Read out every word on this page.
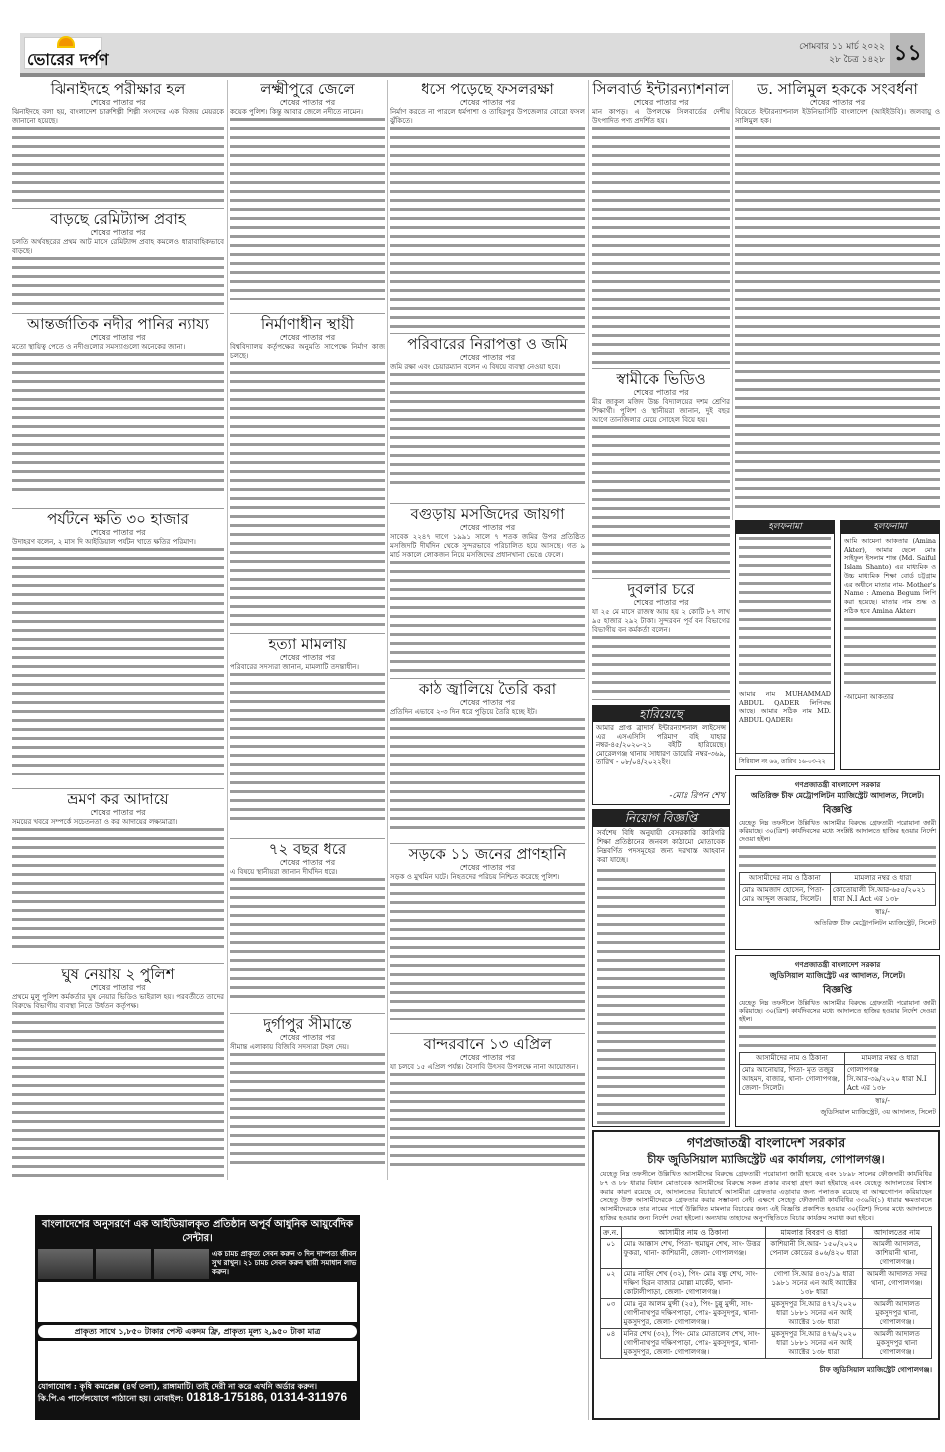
ভোরের দর্পণ
সোমবার ১১ মার্চ ২০২২
২৮ চৈত্র ১৪২৮ ১১
ঝিনাইদহে পরীক্ষার হল
শেষের পাতার পর
ঝিনাইদহে বলা হয়, বাংলাদেশ চারুশিল্পী শিল্পী সংসদের এক বিজয় মেয়রকে জানানো হয়েছে।
বাড়ছে রেমিট্যান্স প্রবাহ
শেষের পাতার পর
চলতি অর্থবছরের প্রথম আট মাসে রেমিট্যান্স প্রবাহ কমলেও ধারাবাহিকভাবে বাড়ছে।
আন্তর্জাতিক নদীর পানির ন্যায্য
শেষের পাতার পর
মতো স্থায়িত্ব পেতে ও নদীগুলোর সমস্যাগুলো অনেকের জানা।
পর্যটনে ক্ষতি ৩০ হাজার
শেষের পাতার পর
উদাহরণ বলেন, ২ মাস দি আইডিয়াল পর্যটন খাতে ক্ষতির পরিমাণ।
ভ্রমণ কর আদায়ে
শেষের পাতার পর
সময়ের খবরে সম্পর্কে সচেতনতা ও কর আদায়ের লক্ষ্যমাত্রা।
ঘুষ নেয়ায় ২ পুলিশ
শেষের পাতার পর
প্রথমে মুলু পুলিশ কর্মকর্তার ঘুষ নেয়ার ভিডিও ভাইরাল হয়। পরবর্তীতে তাদের বিরুদ্ধে বিভাগীয় ব্যবস্থা নিতে উর্ধতন কর্তৃপক্ষ।
লক্ষ্মীপুরে জেলে
শেষের পাতার পর
কয়েক পুলিশ। কিন্তু আবার জেলে নদীতে নামেন।
নির্মাণাধীন স্থায়ী
শেষের পাতার পর
বিশ্ববিদ্যালয় কর্তৃপক্ষের অনুমতি সাপেক্ষে নির্মাণ কাজ চলছে।
হত্যা মামলায়
শেষের পাতার পর
পরিবারের সদস্যরা জানান, মামলাটি তদন্তাধীন।
৭২ বছর ধরে
শেষের পাতার পর
এ বিষয়ে স্থানীয়রা জানান দীর্ঘদিন ধরে।
দুর্গাপুর সীমান্তে
শেষের পাতার পর
সীমান্ত এলাকায় বিজিবি সদস্যরা টহল দেয়।
ধসে পড়েছে ফসলরক্ষা
শেষের পাতার পর
নির্মাণ করতে না পারলে ধর্মপাশা ও তাহিরপুর উপজেলার বোরো ফসল ঝুঁকিতে।
পরিবারের নিরাপত্তা ও জমি
শেষের পাতার পর
জমি রক্ষা এবং চেয়ারম্যান বলেন এ বিষয়ে ব্যবস্থা নেওয়া হবে।
বগুড়ায় মসজিদের জায়গা
শেষের পাতার পর
সাবেক ২২৪৭ দাগে ১৯৯১ সালে ৭ শতক জমির উপর প্রতিষ্ঠিত মসজিদটি দীর্ঘদিন থেকে সুন্দরভাবে পরিচালিত হয়ে আসছে। গত ৯ মার্চ সকালে লোকজন নিয়ে মসজিদের প্রধানখানা ভেঙে ফেলে।
কাঠ জ্বালিয়ে তৈরি করা
শেষের পাতার পর
প্রতিদিন এভাবে ২-৩ দিন ধরে পুড়িয়ে তৈরি হচ্ছে ইট।
সড়কে ১১ জনের প্রাণহানি
শেষের পাতার পর
সড়ক ও মুখমিন ঘটে। নিহতদের পরিচয় নিশ্চিত করেছে পুলিশ।
বান্দরবানে ১৩ এপ্রিল
শেষের পাতার পর
যা চলবে ১৫ এপ্রিল পর্যন্ত। বৈসাবি উৎসব উপলক্ষে নানা আয়োজন।
সিলবার্ড ইন্টারন্যাশনাল
শেষের পাতার পর
মান কাপড়। এ উপলক্ষে সিলবার্ডের দেশীয় উৎপাদিত পণ্য প্রদর্শিত হয়।
স্বামীকে ভিডিও
শেষের পাতার পর
মীর জাকুল মজিদ উচ্চ বিদ্যালয়ের দশম শ্রেণির শিক্ষার্থী। পুলিশ ও স্থানীয়রা জানান, দুই বছর আগে তানজিলার মেয়ে সোহেল বিয়ে হয়।
দুবলার চরে
শেষের পাতার পর
যা ২৫ মে মাসে রাজস্ব আয় হয় ২ কোটি ৮৭ লাখ ৯৫ হাজার ২৯২ টাকা। সুন্দরবন পূর্ব বন বিভাগের বিভাগীয় বন কর্মকর্তা বলেন।
ড. সালিমুল হককে সংবর্ধনা
শেষের পাতার পর
বিয়েতে ইন্টারন্যাশনাল ইউনিভার্সিটি বাংলাদেশ (আইইউবি)। জলবায়ু ও সালিমুল হক।
হারিয়েছে
আমার প্রাপ্ত ব্রাদার্স ইন্টারন্যাশনাল লাইসেন্স এর এসএসিসি পরিমাণ বহি যাহার নম্বর-৪৫/২০২০-২১ বইটি হারিয়েছে। মোরেলগঞ্জ থানায় সাধারণ ডায়েরি নম্বর-৩৬৯, তারিখ - ০৮/০৪/২০২২ইং।
-মোঃ রিপন শেখ
নিয়োগ বিজ্ঞপ্তি
সর্বশেষ বিধি অনুযায়ী বেসরকারি কারিগরি শিক্ষা প্রতিষ্ঠানের জনবল কাঠামো মোতাবেক নিম্নবর্ণিত পদসমূহের জন্য দরখাস্ত আহবান করা যাচ্ছে।
হলফনামা
আমার নাম MUHAMMAD ABDUL QADER লিপিবদ্ধ আছে। আমার সঠিক নাম MD. ABDUL QADER।
সিরিয়াল নং ৬৬, তারিখ ১৬-০৩-২২
হলফনামা
আমি আমেনা আকতার (Amina Akter), আমার ছেলে মোঃ সাইফুল ইসলাম শান্ত (Md. Saiful Islam Shanto) এর মাধ্যমিক ও উচ্চ মাধ্যমিক শিক্ষা বোর্ড চট্টগ্রাম এর অধীনে মাতার নাম- Mother's Name : Amena Begum লিপি করা হয়েছে। মাতার নাম শুদ্ধ ও সঠিক হবে Amina Akter।
-আমেনা আকতার
গণপ্রজাতন্ত্রী বাংলাদেশ সরকার
অতিরিক্ত চীফ মেট্রোপলিটন ম্যাজিস্ট্রেট আদালত, সিলেট।
বিজ্ঞপ্তি
যেহেতু নিম্ন তফসীলে উল্লিখিত আসামীর বিরুদ্ধে গ্রেফতারী পরোয়ানা জারী করিয়াছে। ৩০(ত্রিশ) কার্যদিবসের মধ্যে সংশ্লিষ্ট আদালতে হাজির হওয়ার নির্দেশ দেওয়া হইল।
আসামীদের নাম ও ঠিকানা	মামলার নম্বর ও ধারা
মোঃ আমজাদ হোসেন, পিতা- মোঃ আব্দুল জব্বার, সিলেট।	কোতোয়ালী সি.আর-৬৫৫/২০২১ ধারা N.I Act এর ১৩৮
স্বাঃ/-
অতিরিক্ত চীফ মেট্রোপলিটন ম্যাজিস্ট্রেট, সিলেট
গণপ্রজাতন্ত্রী বাংলাদেশ সরকার
জুডিসিয়াল ম্যাজিস্ট্রেট এর আদালত, সিলেট।
বিজ্ঞপ্তি
যেহেতু নিম্ন তফসীলে উল্লিখিত আসামীর বিরুদ্ধে গ্রেফতারী পরোয়ানা জারী করিয়াছে। ৩০(ত্রিশ) কার্যদিবসের মধ্যে আদালতে হাজির হওয়ার নির্দেশ দেওয়া হইল।
আসামীদের নাম ও ঠিকানা	মামলার নম্বর ও ধারা
মোঃ আনোয়ার, পিতা- মৃত তজুর আহমদ, বাজার, থানা- গোলাপগঞ্জ, জেলা- সিলেট।	গোলাপগঞ্জ সি.আর-৩৯/২০২০ ধারা N.I Act এর ১৩৮
স্বাঃ/-
জুডিসিয়াল ম্যাজিস্ট্রেট, ৩য় আদালত, সিলেট
গণপ্রজাতন্ত্রী বাংলাদেশ সরকার
চীফ জুডিসিয়াল ম্যাজিস্ট্রেট এর কার্যালয়, গোপালগঞ্জ।
যেহেতু নিম্ন তফসীলে উল্লিখিত আসামীদের বিরুদ্ধে গ্রেফতারী পরোয়ানা জারী হয়েছে এবং ১৮৯৮ সালের ফৌজদারী কার্যবিধির ৮৭ ও ৮৮ ধারার বিধান মোতাবেক আসামীদের বিরুদ্ধে সকল প্রকার ব্যবস্থা গ্রহণ করা হইয়াছে এবং যেহেতু আদালতের বিশ্বাস করার কারণ রয়েছে যে, আদালতের বিচারার্থে আসামীরা গ্রেফতার এড়াবার জন্য পলাতক রয়েছে বা আত্মগোপন করিয়াছেন সেহেতু উক্ত আসামীদেরকে গ্রেফতার করার সম্ভাবনা নেই। এক্ষণে সেহেতু ফৌজদারী কার্যবিধির ৩৩৯বি(১) ধারার ক্ষমতাবলে আসামীদেরকে তার নামের পার্শ্বে উল্লিখিত মামলার বিচারের জন্য এই বিজ্ঞপ্তি প্রকাশিত হওয়ার ৩০(ত্রিশ) দিনের মধ্যে আদালতে হাজির হওয়ার জন্য নির্দেশ দেয়া হইলো। অন্যথায় তাহাদের অনুপস্থিতিতে বিচার কার্যক্রম সমাধা করা হইবে।
ক্র.ন.	আসামীর নাম ও ঠিকানা	মামলার বিবরণ ও ধারা	আদালতের নাম
০১	মোঃ আক্কাস শেখ, পিতা- হুমায়ুন শেখ, সাং- উত্তর ফুকরা, থানা- কাশিয়ানী, জেলা- গোপালগঞ্জ।	কাশিয়ানী সি.আর- ১৫০/২০২০ পেনাল কোডের ৪০৬/৪২০ ধারা	আমলী আদালত, কাশিয়ানী থানা, গোপালগঞ্জ।
০২	মোঃ নাহিদ শেখ (৩২), পিং- মোঃ বন্ধু শেখ, সাং- দক্ষিণ হিরন বাজার মোল্লা মার্কেট, থানা- কোটালীপাড়া, জেলা- গোপালগঞ্জ।	গোপা সি.আর ৪৩২/১৯ ধারা ১৯৮১ সনের এন আই অ্যাক্টের ১৩৮ ধারা	আমলী আদালত সদর থানা, গোপালগঞ্জ।
০৩	মোঃ নুর আলম মুন্সী (২৫), পিং- চুন্নু মুন্সী, সাং- গোপীনাথপুর দক্ষিণপাড়া, পোঃ- মুকসুদপুর, থানা- মুকসুদপুর, জেলা- গোপালগঞ্জ।	মুকসুদপুর সি.আর ৪৭২/২০২০ ধারা ১৮৮১ সনের এন আই অ্যাক্টের ১৩৮ ধারা	আমলী আদালত মুকসুদপুর থানা, গোপালগঞ্জ।
০৪	মনির শেখ (৩২), পিং- মোঃ মোতালেব শেখ, সাং- গোপীনাথপুর দক্ষিণপাড়া, পোঃ- মুকসুদপুর, থানা- মুকসুদপুর, জেলা- গোপালগঞ্জ।	মুকসুদপুর সি.আর ৪৭৬/২০২০ ধারা ১৮৮১ সনের এন আই অ্যাক্টের ১৩৮ ধারা	আমলী আদালত মুকসুদপুর থানা গোপালগঞ্জ।
চীফ জুডিসিয়াল ম্যাজিস্ট্রেট গোপালগঞ্জ।
বাংলাদেশের অনুসরণে এক আইডিয়ালকৃত প্রতিষ্ঠান অপূর্ব আধুনিক আয়ুর্বেদিক সেন্টার।
এক চামচ প্রাকৃত্য সেবন করুন ৩ দিন দাম্পত্য জীবন সুখ রাখুন। ২১ চামচ সেবন করুন স্থায়ী সমাধান লাভ করুন।
প্রাকৃত্য সাথে ১,৮৫০ টাকার পেস্ট একদম ফ্রি, প্রাকৃত্য মূল্য ২,৯৫০ টাকা মাত্র
যোগাযোগ : কৃষি কমপ্লেক্স (৪র্থ তলা), রাঙ্গামাটি। তাই দেরী না করে এখনি অর্ডার করুন।
কি.পি.এ পার্সেলযোগে পাঠানো হয়। মোবাইল: 01818-175186, 01314-311976
